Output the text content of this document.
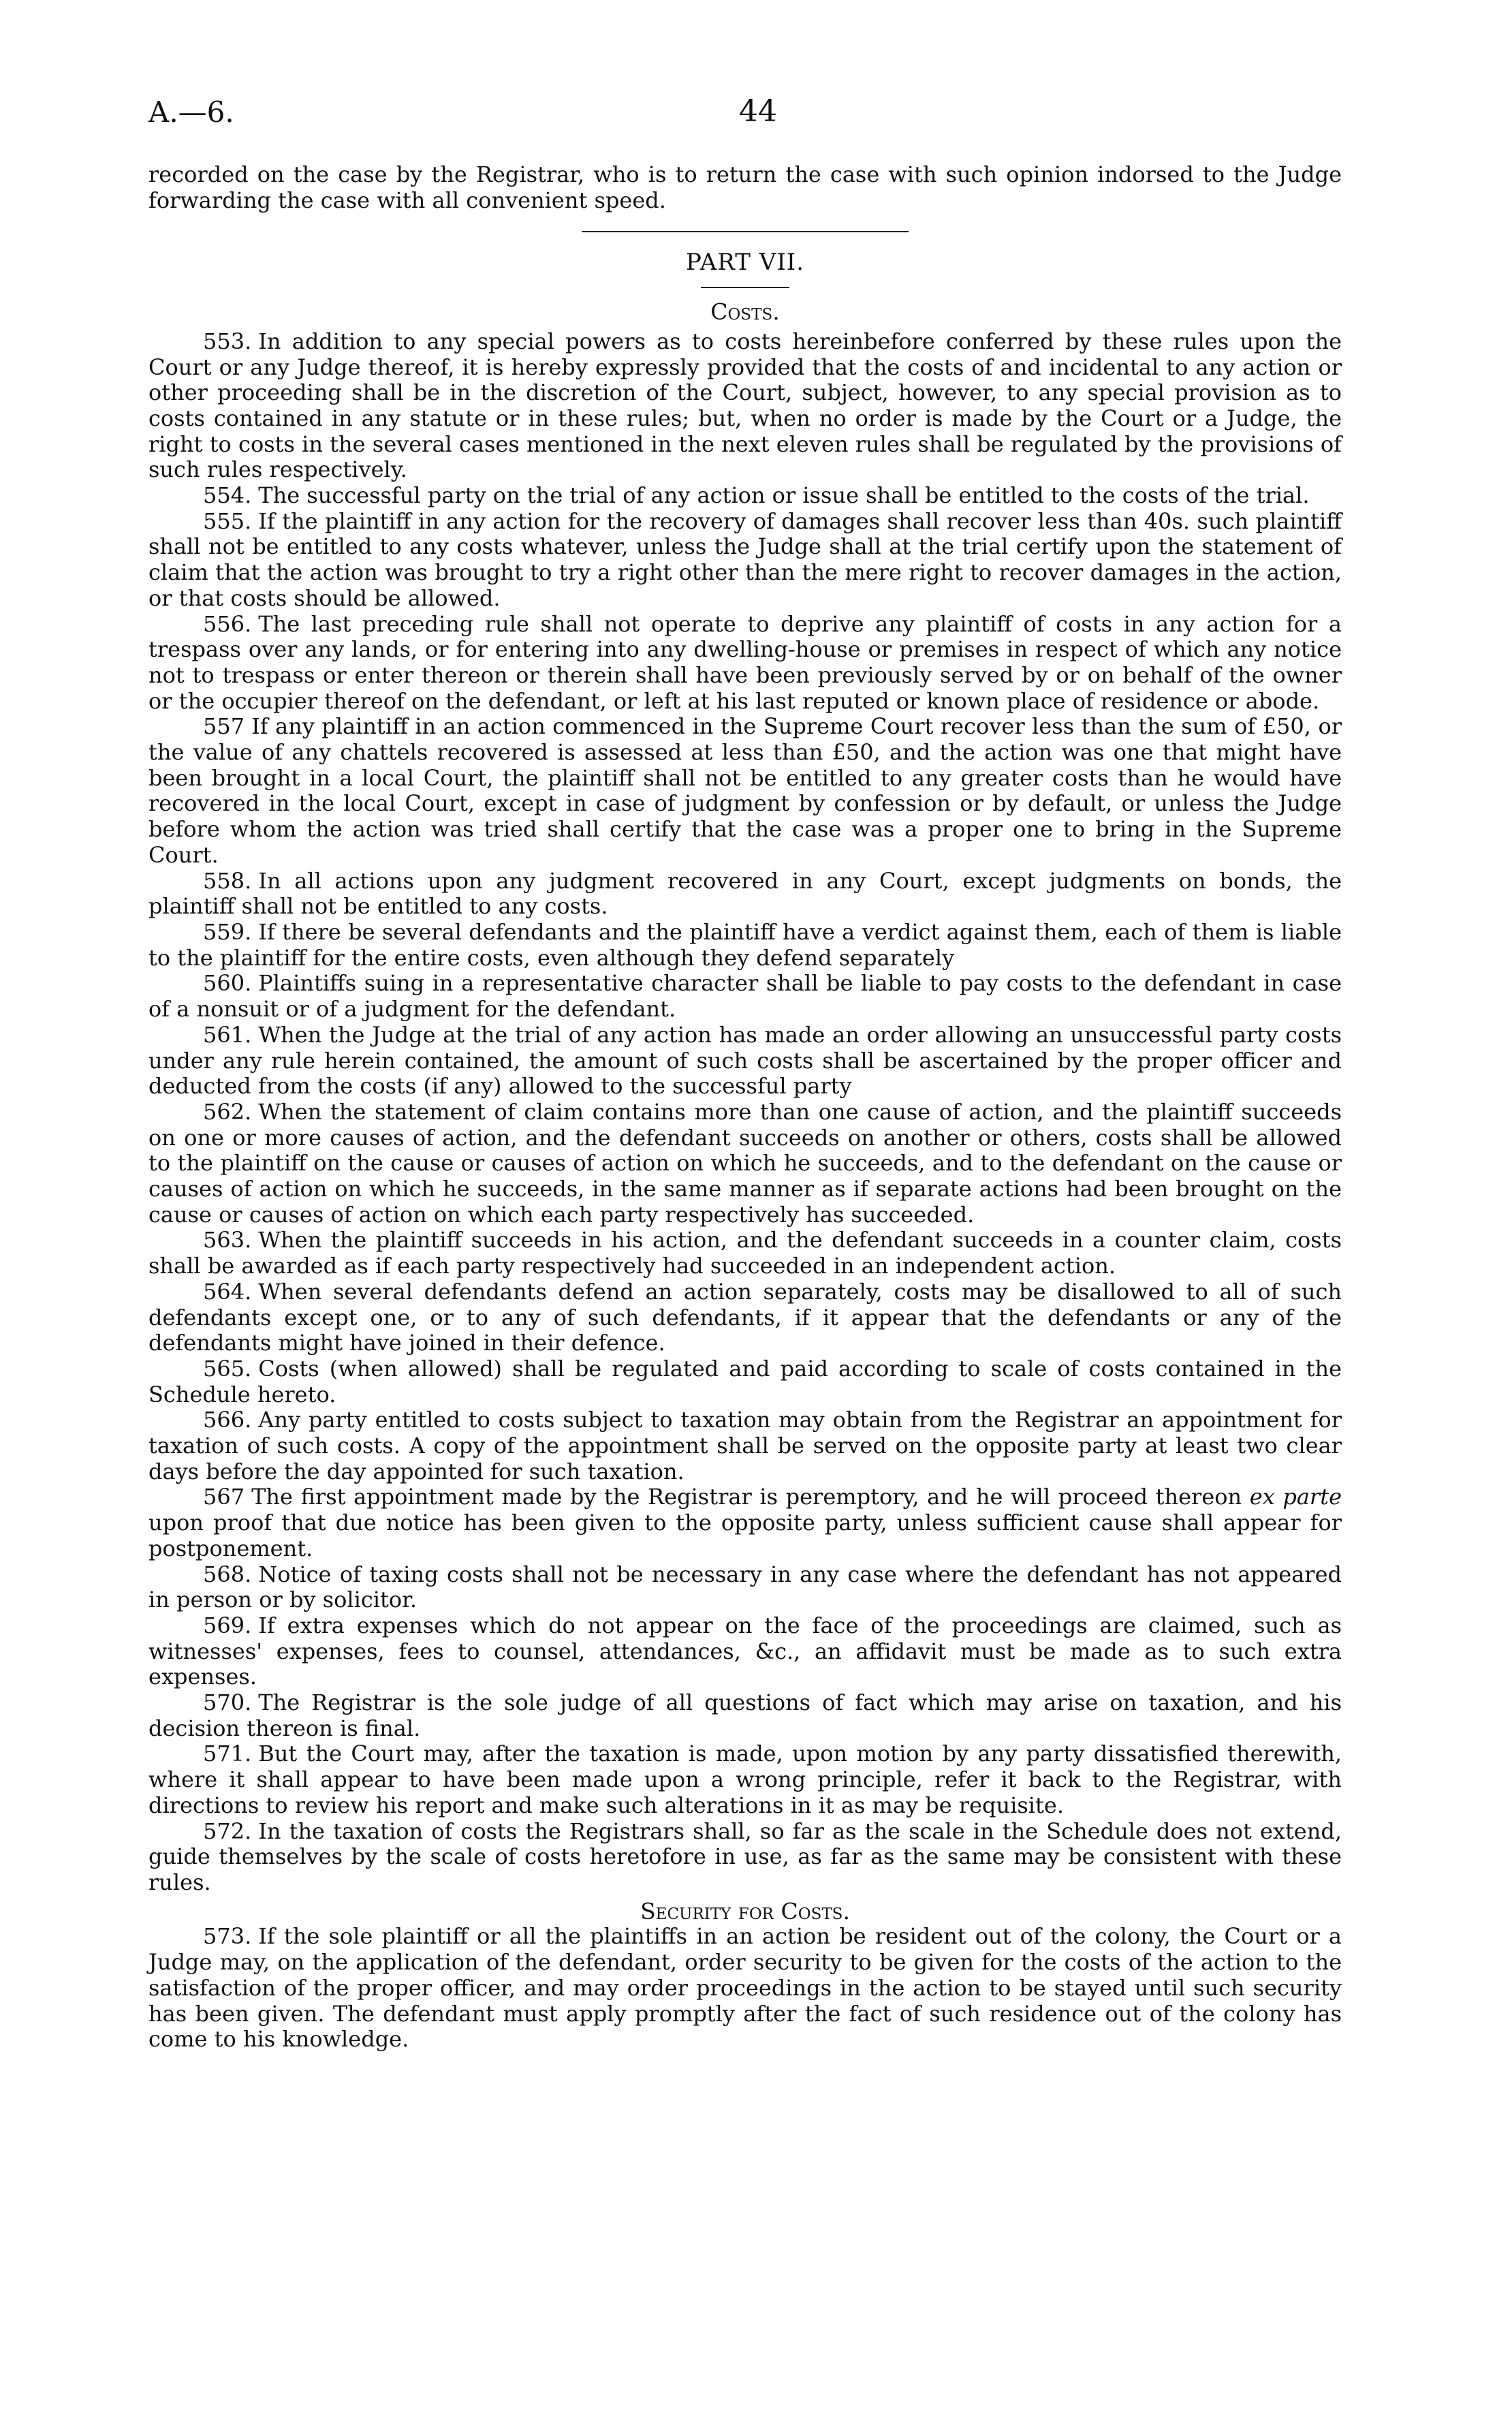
A.—6.	44

recorded on the case by the Registrar, who is to return the case with such opinion indorsed to the Judge forwarding the case with all convenient speed.

PART VII.
Costs.

553. In addition to any special powers as to costs hereinbefore conferred by these rules upon the Court or any Judge thereof, it is hereby expressly provided that the costs of and incidental to any action or other proceeding shall be in the discretion of the Court, subject, however, to any special provision as to costs contained in any statute or in these rules; but, when no order is made by the Court or a Judge, the right to costs in the several cases mentioned in the next eleven rules shall be regulated by the provisions of such rules respectively.

554. The successful party on the trial of any action or issue shall be entitled to the costs of the trial.

555. If the plaintiff in any action for the recovery of damages shall recover less than 40s. such plaintiff shall not be entitled to any costs whatever, unless the Judge shall at the trial certify upon the statement of claim that the action was brought to try a right other than the mere right to recover damages in the action, or that costs should be allowed.

556. The last preceding rule shall not operate to deprive any plaintiff of costs in any action for a trespass over any lands, or for entering into any dwelling-house or premises in respect of which any notice not to trespass or enter thereon or therein shall have been previously served by or on behalf of the owner or the occupier thereof on the defendant, or left at his last reputed or known place of residence or abode.

557 If any plaintiff in an action commenced in the Supreme Court recover less than the sum of £50, or the value of any chattels recovered is assessed at less than £50, and the action was one that might have been brought in a local Court, the plaintiff shall not be entitled to any greater costs than he would have recovered in the local Court, except in case of judgment by confession or by default, or unless the Judge before whom the action was tried shall certify that the case was a proper one to bring in the Supreme Court.

558. In all actions upon any judgment recovered in any Court, except judgments on bonds, the plaintiff shall not be entitled to any costs.

559. If there be several defendants and the plaintiff have a verdict against them, each of them is liable to the plaintiff for the entire costs, even although they defend separately

560. Plaintiffs suing in a representative character shall be liable to pay costs to the defendant in case of a nonsuit or of a judgment for the defendant.

561. When the Judge at the trial of any action has made an order allowing an unsuccessful party costs under any rule herein contained, the amount of such costs shall be ascertained by the proper officer and deducted from the costs (if any) allowed to the successful party

562. When the statement of claim contains more than one cause of action, and the plaintiff succeeds on one or more causes of action, and the defendant succeeds on another or others, costs shall be allowed to the plaintiff on the cause or causes of action on which he succeeds, and to the defendant on the cause or causes of action on which he succeeds, in the same manner as if separate actions had been brought on the cause or causes of action on which each party respectively has succeeded.

563. When the plaintiff succeeds in his action, and the defendant succeeds in a counter claim, costs shall be awarded as if each party respectively had succeeded in an independent action.

564. When several defendants defend an action separately, costs may be disallowed to all of such defendants except one, or to any of such defendants, if it appear that the defendants or any of the defendants might have joined in their defence.

565. Costs (when allowed) shall be regulated and paid according to scale of costs contained in the Schedule hereto.

566. Any party entitled to costs subject to taxation may obtain from the Registrar an appointment for taxation of such costs. A copy of the appointment shall be served on the opposite party at least two clear days before the day appointed for such taxation.

567 The first appointment made by the Registrar is peremptory, and he will proceed thereon ex parte upon proof that due notice has been given to the opposite party, unless sufficient cause shall appear for postponement.

568. Notice of taxing costs shall not be necessary in any case where the defendant has not appeared in person or by solicitor.

569. If extra expenses which do not appear on the face of the proceedings are claimed, such as witnesses' expenses, fees to counsel, attendances, &c., an affidavit must be made as to such extra expenses.

570. The Registrar is the sole judge of all questions of fact which may arise on taxation, and his decision thereon is final.

571. But the Court may, after the taxation is made, upon motion by any party dissatisfied therewith, where it shall appear to have been made upon a wrong principle, refer it back to the Registrar, with directions to review his report and make such alterations in it as may be requisite.

572. In the taxation of costs the Registrars shall, so far as the scale in the Schedule does not extend, guide themselves by the scale of costs heretofore in use, as far as the same may be consistent with these rules.

Security for Costs.

573. If the sole plaintiff or all the plaintiffs in an action be resident out of the colony, the Court or a Judge may, on the application of the defendant, order security to be given for the costs of the action to the satisfaction of the proper officer, and may order proceedings in the action to be stayed until such security has been given. The defendant must apply promptly after the fact of such residence out of the colony has come to his knowledge.
